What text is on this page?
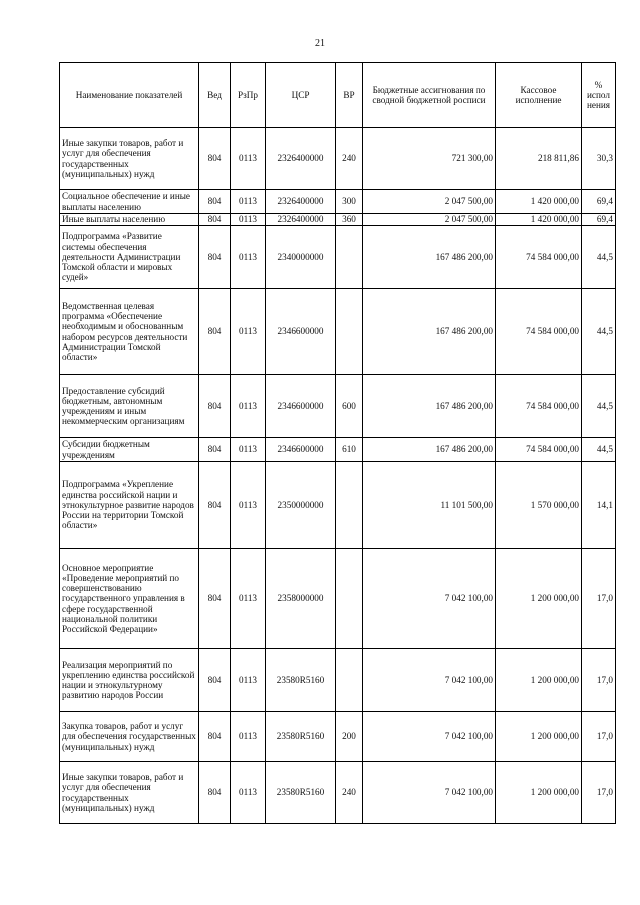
21
Наименование показателей	Вед	РзПр	ЦСР	ВР	Бюджетные ассигнования по сводной бюджетной росписи	Кассовое исполнение	% испол нения
Иные закупки товаров, работ и услуг для обеспечения государственных (муниципальных) нужд	804	0113	2326400000	240	721 300,00	218 811,86	30,3
Социальное обеспечение и иные выплаты населению	804	0113	2326400000	300	2 047 500,00	1 420 000,00	69,4
Иные выплаты населению	804	0113	2326400000	360	2 047 500,00	1 420 000,00	69,4
Подпрограмма «Развитие системы обеспечения деятельности Администрации Томской области и мировых судей»	804	0113	2340000000		167 486 200,00	74 584 000,00	44,5
Ведомственная целевая программа «Обеспечение необходимым и обоснованным набором ресурсов деятельности Администрации Томской области»	804	0113	2346600000		167 486 200,00	74 584 000,00	44,5
Предоставление субсидий бюджетным, автономным учреждениям и иным некоммерческим организациям	804	0113	2346600000	600	167 486 200,00	74 584 000,00	44,5
Субсидии бюджетным учреждениям	804	0113	2346600000	610	167 486 200,00	74 584 000,00	44,5
Подпрограмма «Укрепление единства российской нации и этнокультурное развитие народов России на территории Томской области»	804	0113	2350000000		11 101 500,00	1 570 000,00	14,1
Основное мероприятие «Проведение мероприятий по совершенствованию государственного управления в сфере государственной национальной политики Российской Федерации»	804	0113	2358000000		7 042 100,00	1 200 000,00	17,0
Реализация мероприятий по укреплению единства российской нации и этнокультурному развитию народов России	804	0113	23580R5160		7 042 100,00	1 200 000,00	17,0
Закупка товаров, работ и услуг для обеспечения государственных (муниципальных) нужд	804	0113	23580R5160	200	7 042 100,00	1 200 000,00	17,0
Иные закупки товаров, работ и услуг для обеспечения государственных (муниципальных) нужд	804	0113	23580R5160	240	7 042 100,00	1 200 000,00	17,0
